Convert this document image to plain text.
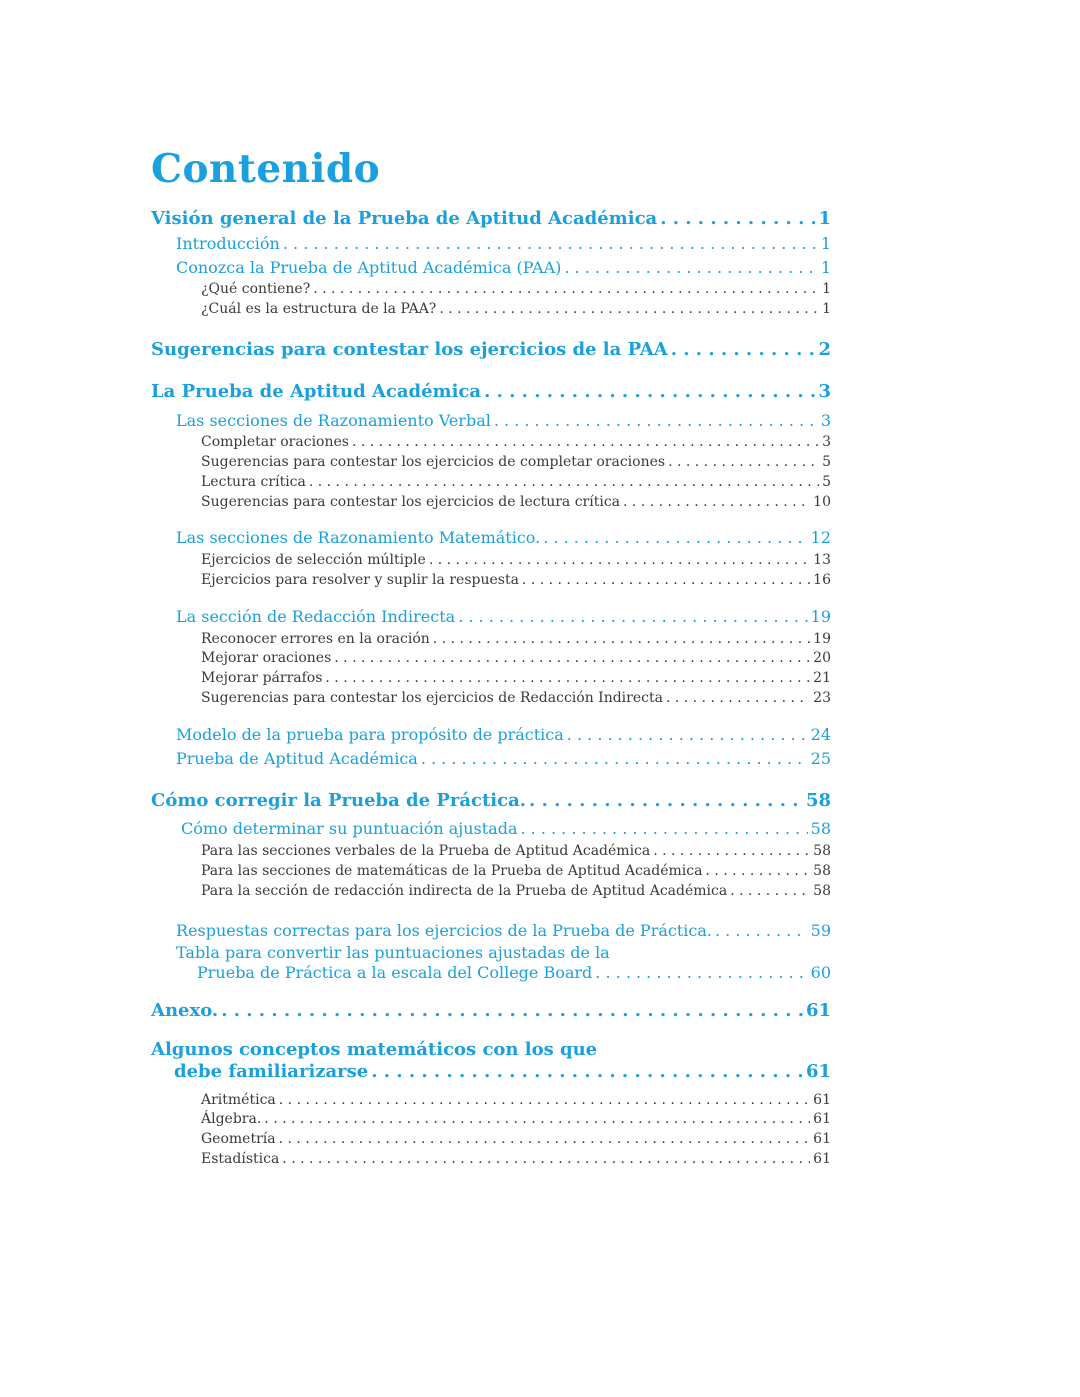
Contenido
Visión general de la Prueba de Aptitud Académica . . .	1
Introducción . . .	1
Conozca la Prueba de Aptitud Académica (PAA) . . .	1
¿Qué contiene? . . .	1
¿Cuál es la estructura de la PAA? . . .	1
Sugerencias para contestar los ejercicios de la PAA . . .	2
La Prueba de Aptitud Académica . . .	3
Las secciones de Razonamiento Verbal . . .	3
Completar oraciones . . .	3
Sugerencias para contestar los ejercicios de completar oraciones . . .	5
Lectura crítica . . .	5
Sugerencias para contestar los ejercicios de lectura crítica . . .	10
Las secciones de Razonamiento Matemático. . . .	12
Ejercicios de selección múltiple . . .	13
Ejercicios para resolver y suplir la respuesta . . .	16
La sección de Redacción Indirecta . . .	19
Reconocer errores en la oración . . .	19
Mejorar oraciones . . .	20
Mejorar párrafos . . .	21
Sugerencias para contestar los ejercicios de Redacción Indirecta . . .	23
Modelo de la prueba para propósito de práctica . . .	24
Prueba de Aptitud Académica . . .	25
Cómo corregir la Prueba de Práctica. . . .	58
Cómo determinar su puntuación ajustada . . .	58
Para las secciones verbales de la Prueba de Aptitud Académica . . .	58
Para las secciones de matemáticas de la Prueba de Aptitud Académica . . .	58
Para la sección de redacción indirecta de la Prueba de Aptitud Académica . . .	58
Respuestas correctas para los ejercicios de la Prueba de Práctica. . . .	59
Tabla para convertir las puntuaciones ajustadas de la
Prueba de Práctica a la escala del College Board . . .	60
Anexo. . . .	61
Algunos conceptos matemáticos con los que
debe familiarizarse . . .	61
Aritmética . . .	61
Álgebra. . . .	61
Geometría . . .	61
Estadística . . .	61
